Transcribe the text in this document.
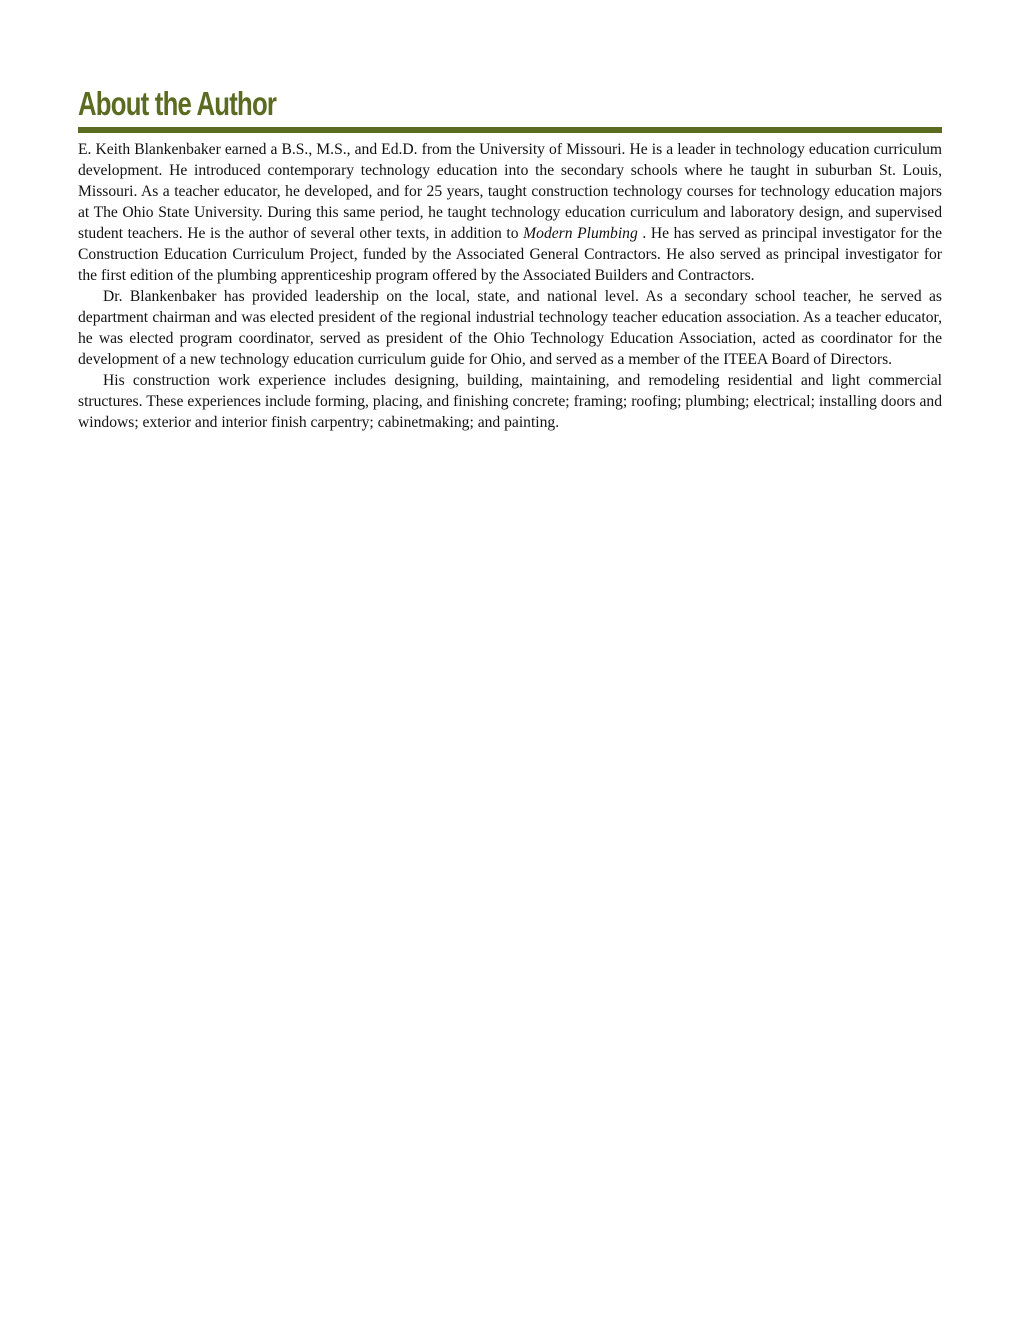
About the Author

E. Keith Blankenbaker earned a B.S., M.S., and Ed.D. from the University of Missouri. He is a leader in technology education curriculum development. He introduced contemporary technology education into the secondary schools where he taught in suburban St. Louis, Missouri. As a teacher educator, he developed, and for 25 years, taught construction technology courses for technology education majors at The Ohio State University. During this same period, he taught technology education curriculum and laboratory design, and supervised student teachers. He is the author of several other texts, in addition to Modern Plumbing . He has served as principal investigator for the Construction Education Curriculum Project, funded by the Associated General Contractors. He also served as principal investigator for the first edition of the plumbing apprenticeship program offered by the Associated Builders and Contractors.

Dr. Blankenbaker has provided leadership on the local, state, and national level. As a secondary school teacher, he served as department chairman and was elected president of the regional industrial technology teacher education association. As a teacher educator, he was elected program coordinator, served as president of the Ohio Technology Education Association, acted as coordinator for the development of a new technology education curriculum guide for Ohio, and served as a member of the ITEEA Board of Directors.

His construction work experience includes designing, building, maintaining, and remodeling residential and light commercial structures. These experiences include forming, placing, and finishing concrete; framing; roofing; plumbing; electrical; installing doors and windows; exterior and interior finish carpentry; cabinetmaking; and painting.
